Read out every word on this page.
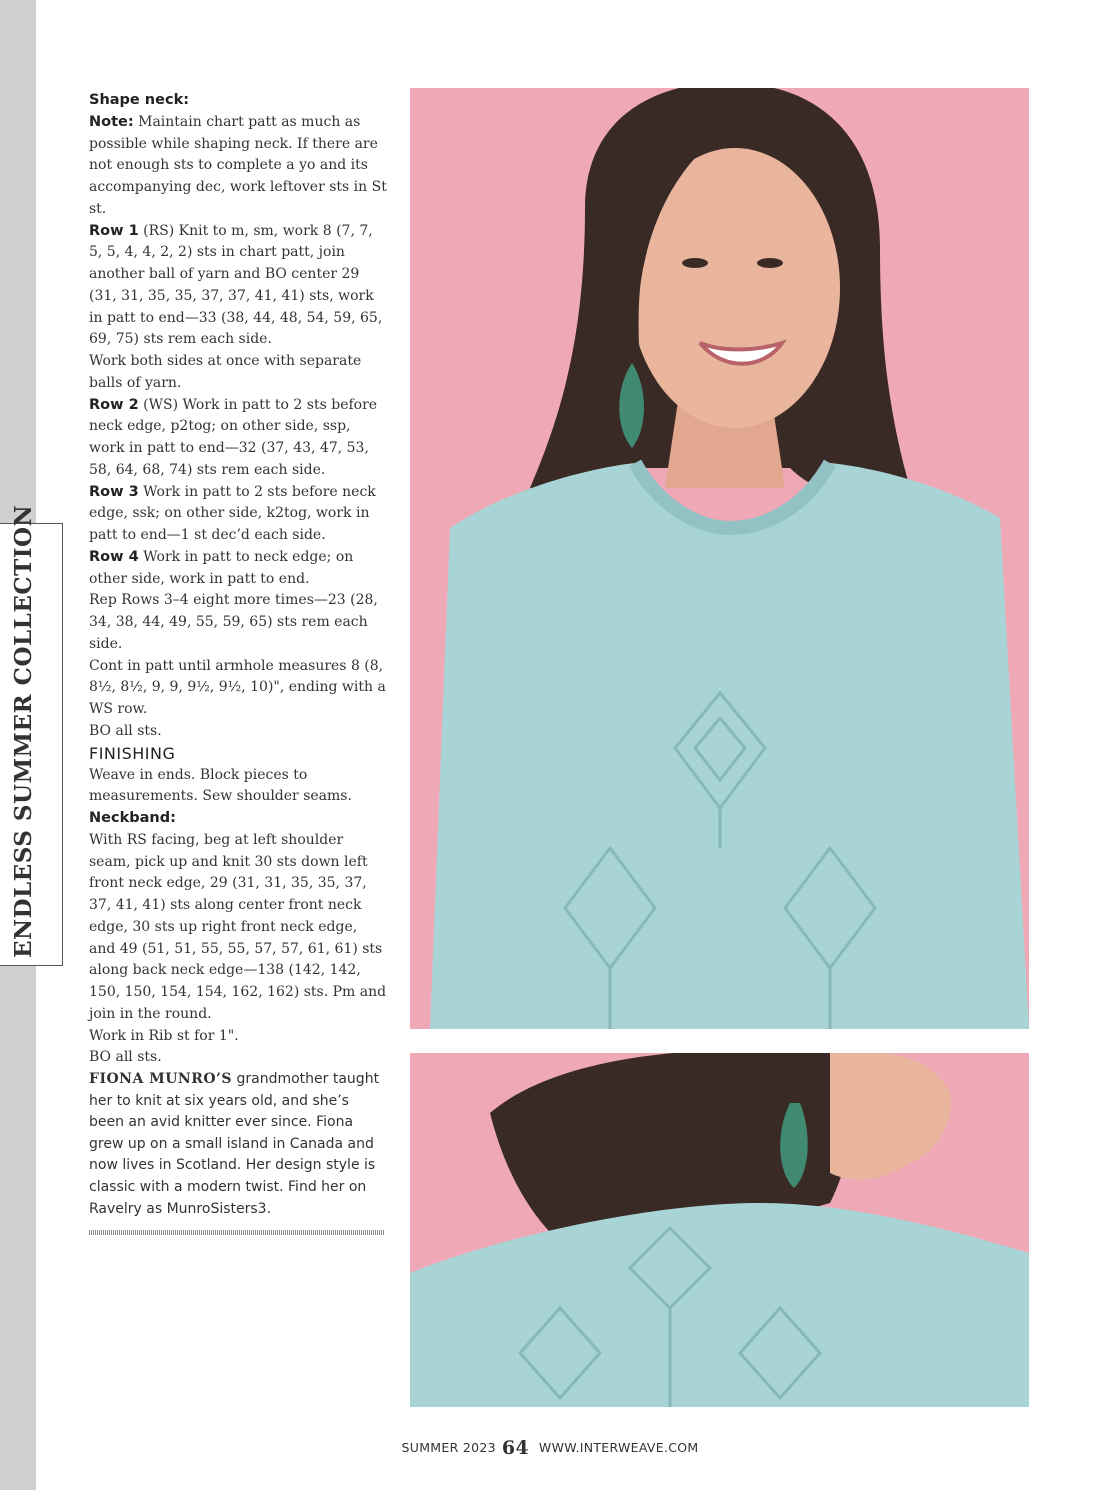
ENDLESS SUMMER COLLECTION

Shape neck:

Note: Maintain chart patt as much as possible while shaping neck. If there are not enough sts to complete a yo and its accompanying dec, work leftover sts in St st.

Row 1 (RS) Knit to m, sm, work 8 (7, 7, 5, 5, 4, 4, 2, 2) sts in chart patt, join another ball of yarn and BO center 29 (31, 31, 35, 35, 37, 37, 41, 41) sts, work in patt to end—33 (38, 44, 48, 54, 59, 65, 69, 75) sts rem each side.

Work both sides at once with separate balls of yarn.

Row 2 (WS) Work in patt to 2 sts before neck edge, p2tog; on other side, ssp, work in patt to end—32 (37, 43, 47, 53, 58, 64, 68, 74) sts rem each side.

Row 3 Work in patt to 2 sts before neck edge, ssk; on other side, k2tog, work in patt to end—1 st dec’d each side.

Row 4 Work in patt to neck edge; on other side, work in patt to end.

Rep Rows 3–4 eight more times—23 (28, 34, 38, 44, 49, 55, 59, 65) sts rem each side.

Cont in patt until armhole measures 8 (8, 8½, 8½, 9, 9, 9½, 9½, 10)", ending with a WS row.

BO all sts.

FINISHING

Weave in ends. Block pieces to measurements. Sew shoulder seams.

Neckband:

With RS facing, beg at left shoulder seam, pick up and knit 30 sts down left front neck edge, 29 (31, 31, 35, 35, 37, 37, 41, 41) sts along center front neck edge, 30 sts up right front neck edge, and 49 (51, 51, 55, 55, 57, 57, 61, 61) sts along back neck edge—138 (142, 142, 150, 150, 154, 154, 162, 162) sts. Pm and join in the round.

Work in Rib st for 1".

BO all sts.

FIONA MUNRO’S grandmother taught her to knit at six years old, and she’s been an avid knitter ever since. Fiona grew up on a small island in Canada and now lives in Scotland. Her design style is classic with a modern twist. Find her on Ravelry as MunroSisters3.

SUMMER 2023 64 WWW.INTERWEAVE.COM
